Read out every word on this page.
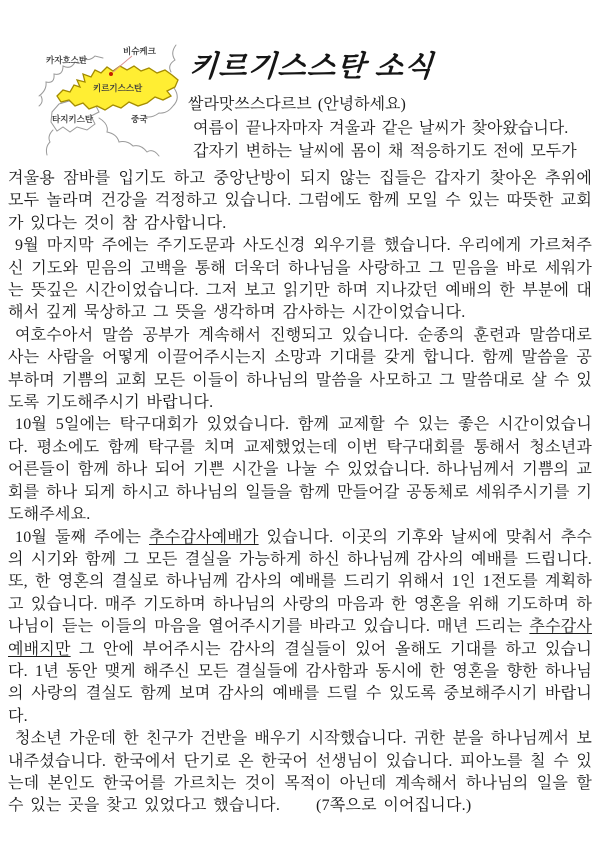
카자흐스탄
비슈케크
키르기스스탄
타지키스탄	중국
키르기스스탄 소식
쌀라맛쓰스다르브 (안녕하세요)
여름이 끝나자마자 겨울과 같은 날씨가 찾아왔습니다.
갑자기 변하는 날씨에 몸이 채 적응하기도 전에 모두가

겨울용 잠바를 입기도 하고 중앙난방이 되지 않는 집들은 갑자기 찾아온 추위에 모두 놀라며 건강을 걱정하고 있습니다. 그럼에도 함께 모일 수 있는 따뜻한 교회가 있다는 것이 참 감사합니다.

9월 마지막 주에는 주기도문과 사도신경 외우기를 했습니다. 우리에게 가르쳐주신 기도와 믿음의 고백을 통해 더욱더 하나님을 사랑하고 그 믿음을 바로 세워가는 뜻깊은 시간이었습니다. 그저 보고 읽기만 하며 지나갔던 예배의 한 부분에 대해서 깊게 묵상하고 그 뜻을 생각하며 감사하는 시간이었습니다.

여호수아서 말씀 공부가 계속해서 진행되고 있습니다. 순종의 훈련과 말씀대로 사는 사람을 어떻게 이끌어주시는지 소망과 기대를 갖게 합니다. 함께 말씀을 공부하며 기쁨의 교회 모든 이들이 하나님의 말씀을 사모하고 그 말씀대로 살 수 있도록 기도해주시기 바랍니다.

10월 5일에는 탁구대회가 있었습니다. 함께 교제할 수 있는 좋은 시간이었습니다. 평소에도 함께 탁구를 치며 교제했었는데 이번 탁구대회를 통해서 청소년과 어른들이 함께 하나 되어 기쁜 시간을 나눌 수 있었습니다. 하나님께서 기쁨의 교회를 하나 되게 하시고 하나님의 일들을 함께 만들어갈 공동체로 세워주시기를 기도해주세요.

10월 둘째 주에는 추수감사예배가 있습니다. 이곳의 기후와 날씨에 맞춰서 추수의 시기와 함께 그 모든 결실을 가능하게 하신 하나님께 감사의 예배를 드립니다. 또, 한 영혼의 결실로 하나님께 감사의 예배를 드리기 위해서 1인 1전도를 계획하고 있습니다. 매주 기도하며 하나님의 사랑의 마음과 한 영혼을 위해 기도하며 하나님이 듣는 이들의 마음을 열어주시기를 바라고 있습니다. 매년 드리는 추수감사예배지만 그 안에 부어주시는 감사의 결실들이 있어 올해도 기대를 하고 있습니다. 1년 동안 맺게 해주신 모든 결실들에 감사함과 동시에 한 영혼을 향한 하나님의 사랑의 결실도 함께 보며 감사의 예배를 드릴 수 있도록 중보해주시기 바랍니다.

청소년 가운데 한 친구가 건반을 배우기 시작했습니다. 귀한 분을 하나님께서 보내주셨습니다. 한국에서 단기로 온 한국어 선생님이 있습니다. 피아노를 칠 수 있는데 본인도 한국어를 가르치는 것이 목적이 아닌데 계속해서 하나님의 일을 할 수 있는 곳을 찾고 있었다고 했습니다. (7쪽으로 이어집니다.)
